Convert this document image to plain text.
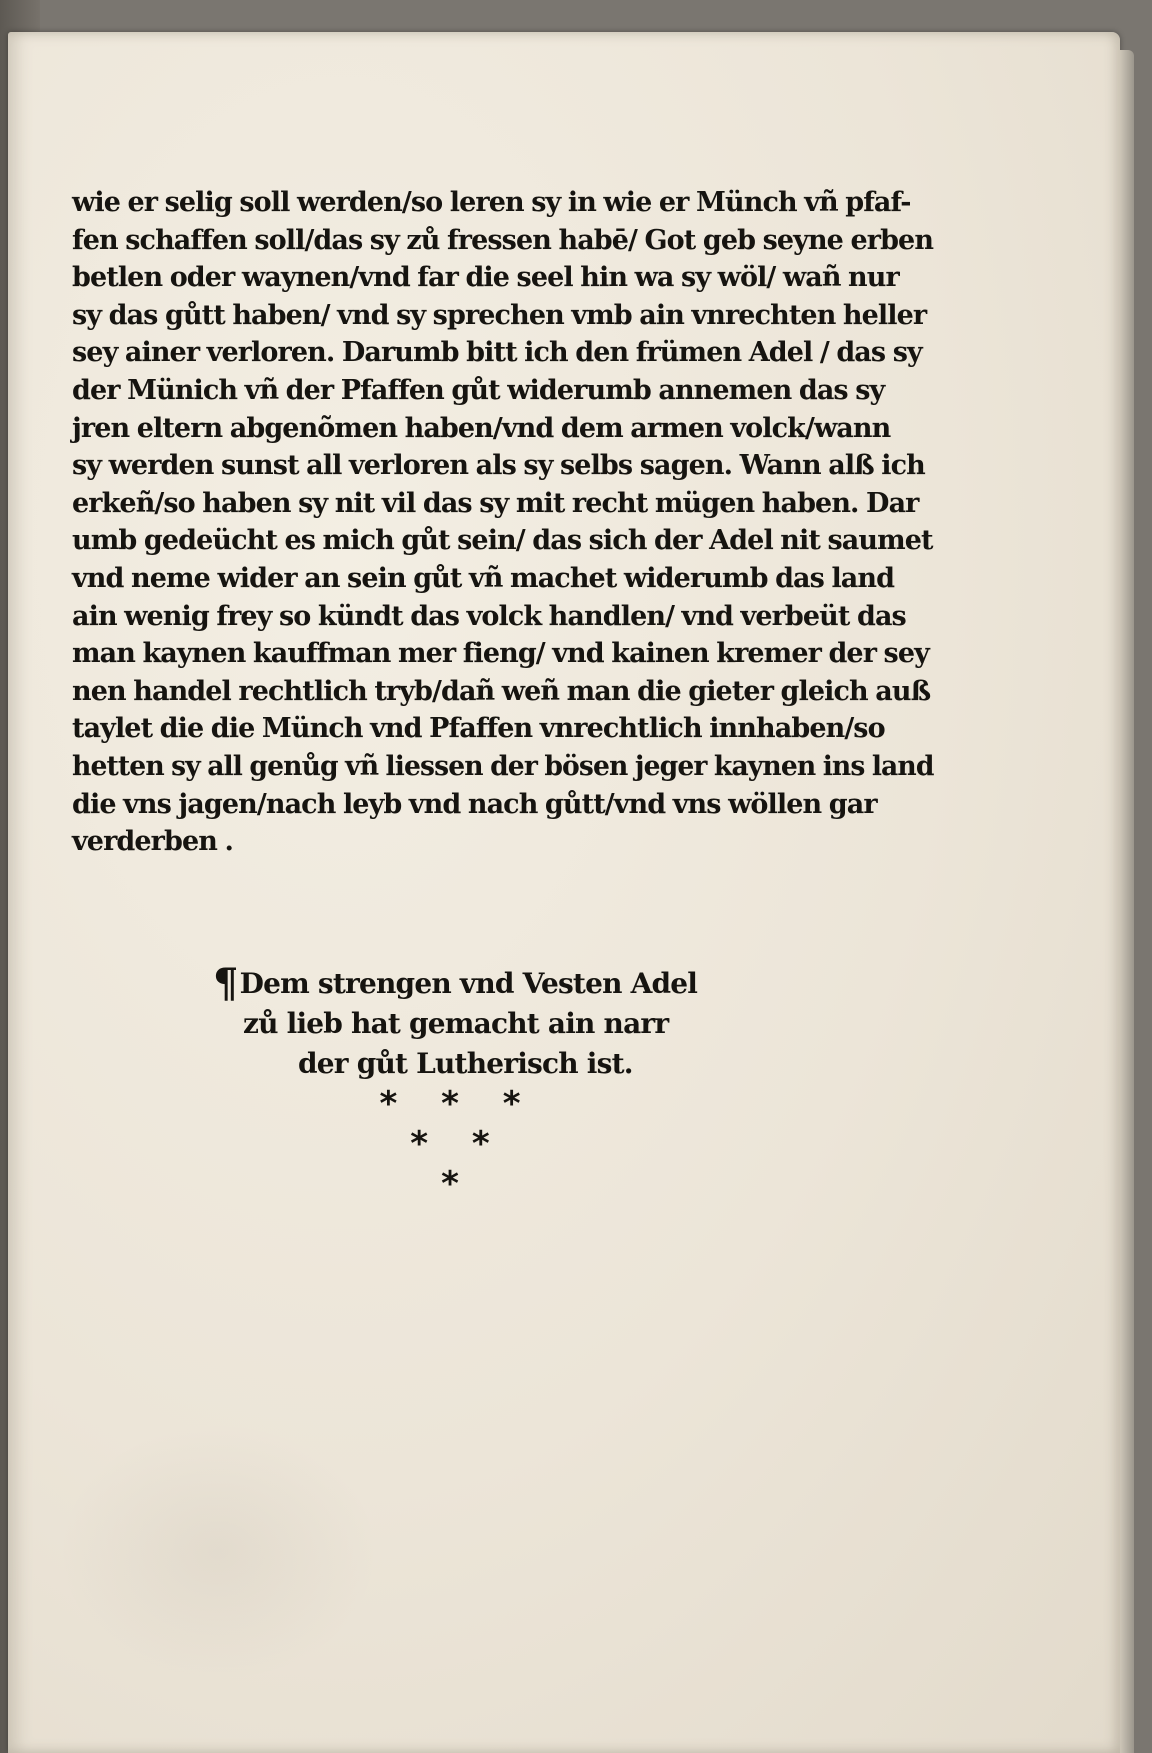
wie er selig soll werden/so leren sy in wie er Münch vñ pfaf-
fen schaffen soll/das sy zů fressen habē/ Got geb seyne erben
betlen oder waynen/vnd far die seel hin wa sy wöl/ wañ nur
sy das gůtt haben/ vnd sy sprechen vmb ain vnrechten heller
sey ainer verloren. Darumb bitt ich den frümen Adel / das sy
der Münich vñ der Pfaffen gůt widerumb annemen das sy
jren eltern abgenõmen haben/vnd dem armen volck/wann
sy werden sunst all verloren als sy selbs sagen. Wann alß ich
erkeñ/so haben sy nit vil das sy mit recht mügen haben. Dar
umb gedeücht es mich gůt sein/ das sich der Adel nit saumet
vnd neme wider an sein gůt vñ machet widerumb das land
ain wenig frey so kündt das volck handlen/ vnd verbeüt das
man kaynen kauffman mer fieng/ vnd kainen kremer der sey
nen handel rechtlich tryb/dañ weñ man die gieter gleich auß
taylet die die Münch vnd Pfaffen vnrechtlich innhaben/so
hetten sy all genůg vñ liessen der bösen jeger kaynen ins land
die vns jagen/nach leyb vnd nach gůtt/vnd vns wöllen gar
verderben .
¶Dem strengen vnd Vesten Adel
zů lieb hat gemacht ain narr
der gůt Lutherisch ist.
* * *
* *
*
